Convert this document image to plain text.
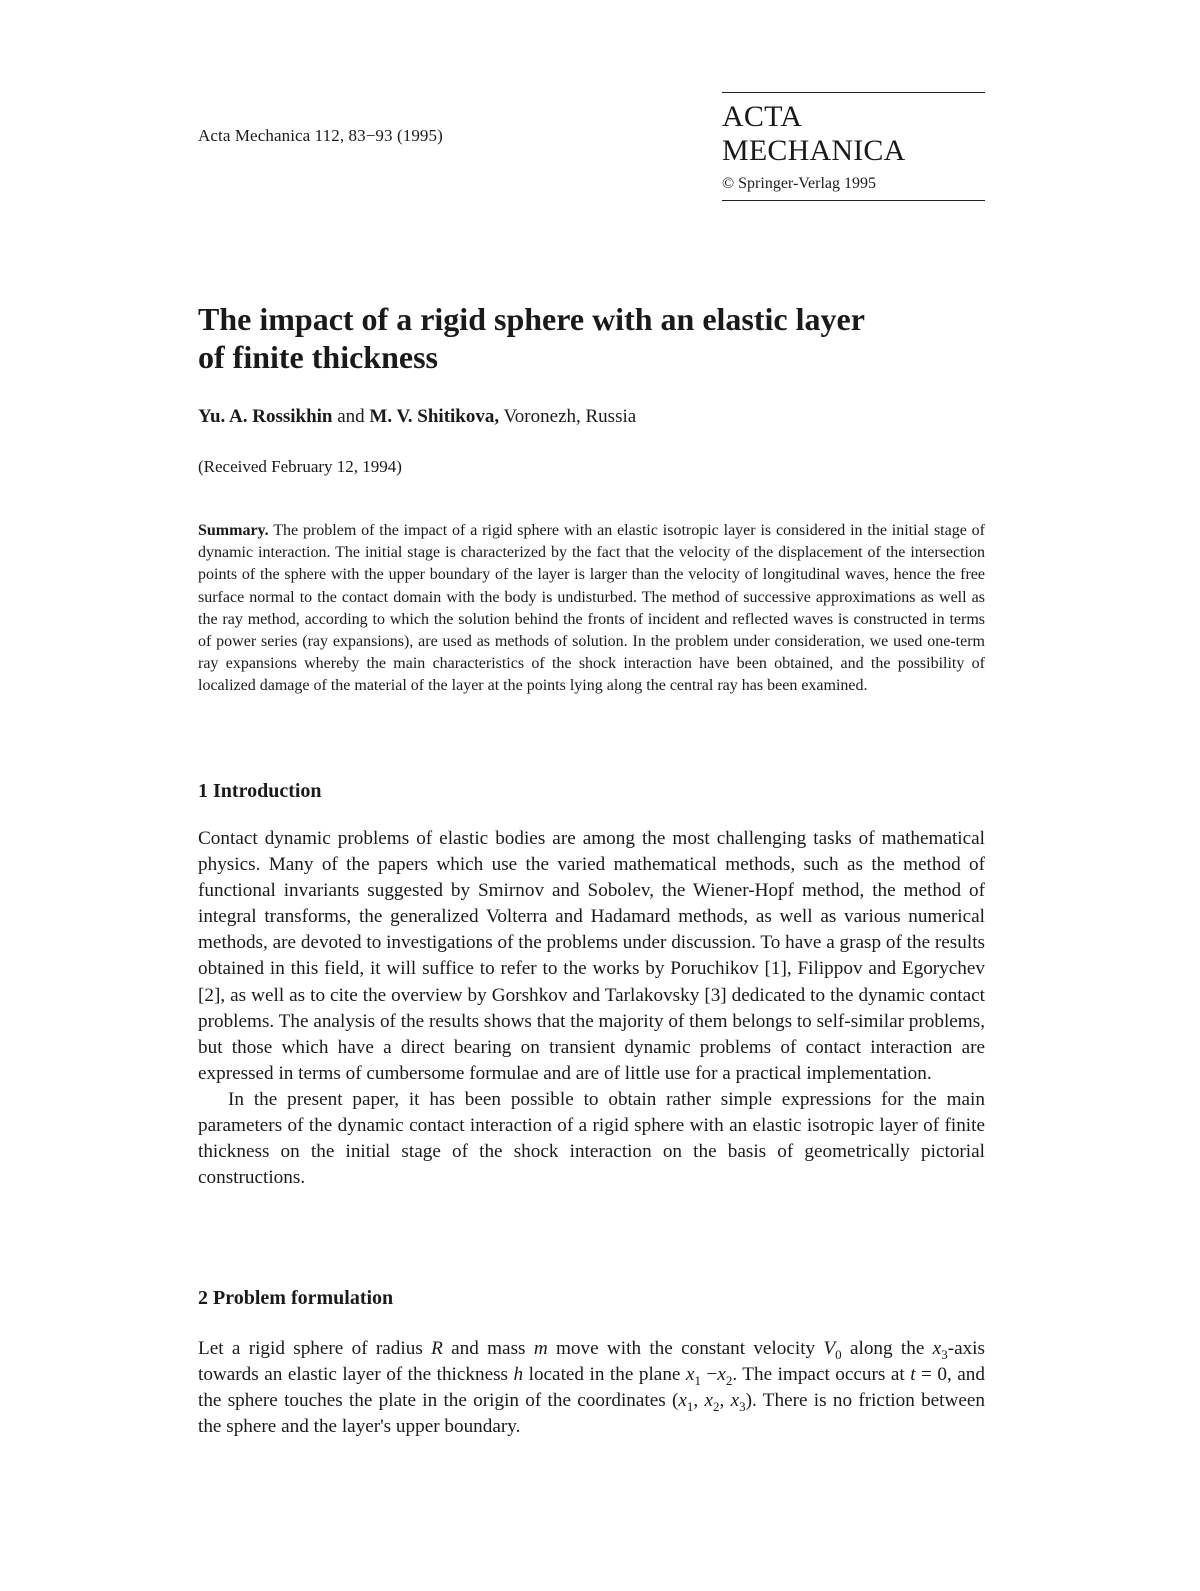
Acta Mechanica 112, 83−93 (1995)
ACTA MECHANICA
© Springer-Verlag 1995
The impact of a rigid sphere with an elastic layer
of finite thickness
Yu. A. Rossikhin and M. V. Shitikova, Voronezh, Russia
(Received February 12, 1994)

Summary. The problem of the impact of a rigid sphere with an elastic isotropic layer is considered in the initial stage of dynamic interaction. The initial stage is characterized by the fact that the velocity of the displacement of the intersection points of the sphere with the upper boundary of the layer is larger than the velocity of longitudinal waves, hence the free surface normal to the contact domain with the body is undisturbed. The method of successive approximations as well as the ray method, according to which the solution behind the fronts of incident and reflected waves is constructed in terms of power series (ray expansions), are used as methods of solution. In the problem under consideration, we used one-term ray expansions whereby the main characteristics of the shock interaction have been obtained, and the possibility of localized damage of the material of the layer at the points lying along the central ray has been examined.

1 Introduction

Contact dynamic problems of elastic bodies are among the most challenging tasks of mathematical physics. Many of the papers which use the varied mathematical methods, such as the method of functional invariants suggested by Smirnov and Sobolev, the Wiener-Hopf method, the method of integral transforms, the generalized Volterra and Hadamard methods, as well as various numerical methods, are devoted to investigations of the problems under discussion. To have a grasp of the results obtained in this field, it will suffice to refer to the works by Poruchikov [1], Filippov and Egorychev [2], as well as to cite the overview by Gorshkov and Tarlakovsky [3] dedicated to the dynamic contact problems. The analysis of the results shows that the majority of them belongs to self-similar problems, but those which have a direct bearing on transient dynamic problems of contact interaction are expressed in terms of cumbersome formulae and are of little use for a practical implementation.

In the present paper, it has been possible to obtain rather simple expressions for the main parameters of the dynamic contact interaction of a rigid sphere with an elastic isotropic layer of finite thickness on the initial stage of the shock interaction on the basis of geometrically pictorial constructions.

2 Problem formulation

Let a rigid sphere of radius R and mass m move with the constant velocity $V_0$ along the $x_3$-axis towards an elastic layer of the thickness h located in the plane $x_1 -x_2$. The impact occurs at t = 0, and the sphere touches the plate in the origin of the coordinates ($x_1$, $x_2$, $x_3$). There is no friction between the sphere and the layer's upper boundary.
